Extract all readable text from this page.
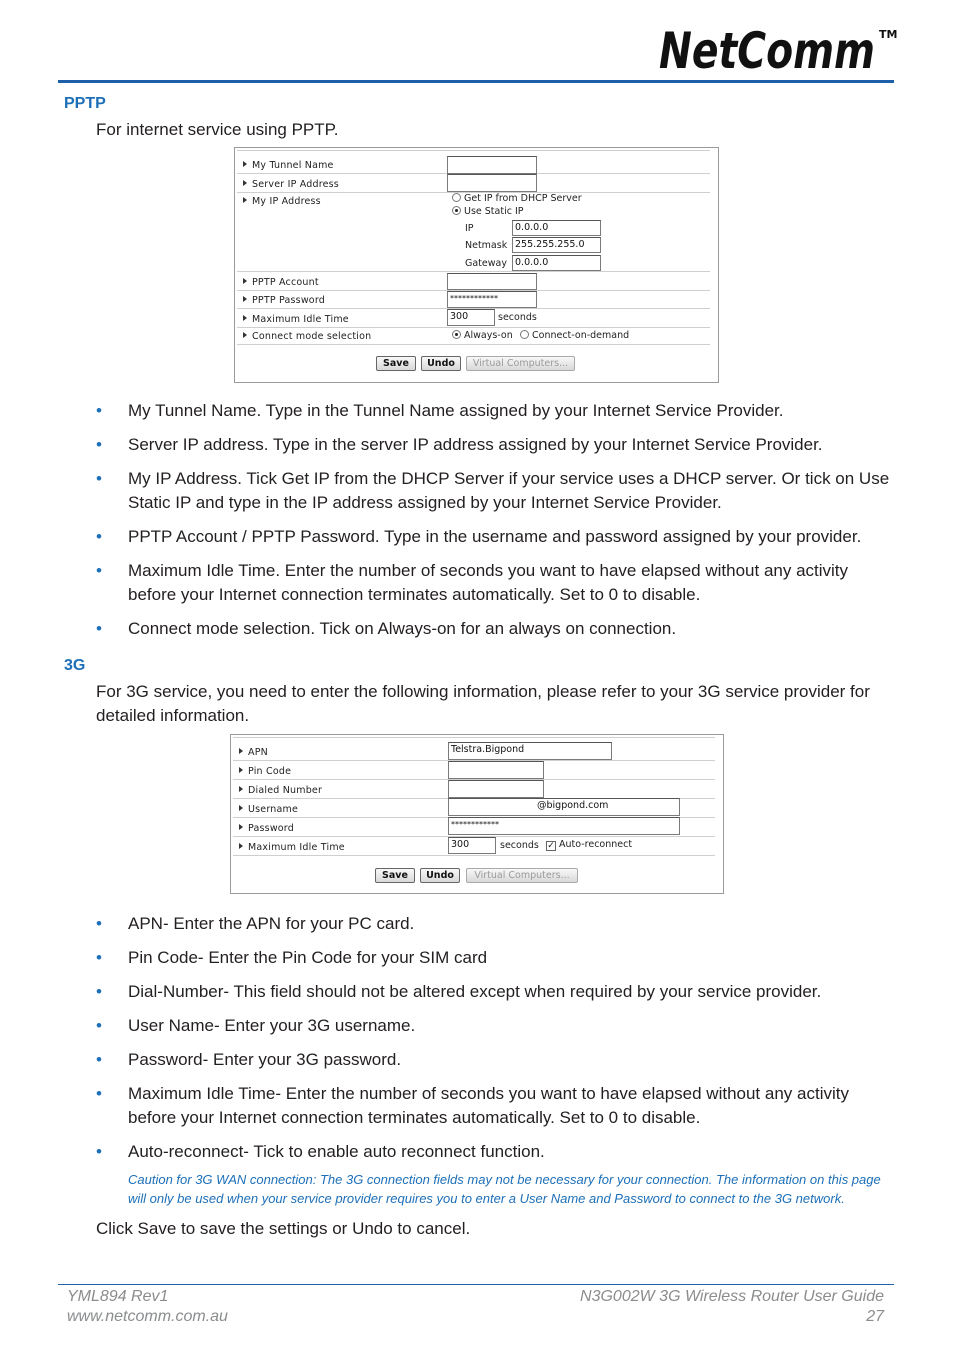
NetComm TM
PPTP
For internet service using PPTP.
My Tunnel Name
Server IP Address
My IP Address	Get IP from DHCP Server
Use Static IP
IP	0.0.0.0
Netmask 255.255.255.0
Gateway 0.0.0.0
PPTP Account
PPTP Password	************
Maximum Idle Time	300	seconds
Connect mode selection	Always-on	Connect-on-demand
Save	Undo	Virtual Computers...
• My Tunnel Name. Type in the Tunnel Name assigned by your Internet Service Provider.
• Server IP address. Type in the server IP address assigned by your Internet Service Provider.
• My IP Address. Tick Get IP from the DHCP Server if your service uses a DHCP server. Or tick on Use Static IP and type in the IP address assigned by your Internet Service Provider.
• PPTP Account / PPTP Password. Type in the username and password assigned by your provider.
• Maximum Idle Time. Enter the number of seconds you want to have elapsed without any activity before your Internet connection terminates automatically. Set to 0 to disable.
• Connect mode selection. Tick on Always-on for an always on connection.
3G
For 3G service, you need to enter the following information, please refer to your 3G service provider for detailed information.
APN	Telstra.Bigpond
Pin Code
Dialed Number
Username	@bigpond.com
Password	************
Maximum Idle Time	300	seconds ✓ Auto-reconnect
Save	Undo	Virtual Computers...
• APN- Enter the APN for your PC card.
• Pin Code- Enter the Pin Code for your SIM card
• Dial-Number- This field should not be altered except when required by your service provider.
• User Name- Enter your 3G username.
• Password- Enter your 3G password.
• Maximum Idle Time- Enter the number of seconds you want to have elapsed without any activity before your Internet connection terminates automatically. Set to 0 to disable.
• Auto-reconnect- Tick to enable auto reconnect function.
Caution for 3G WAN connection: The 3G connection fields may not be necessary for your connection. The information on this page will only be used when your service provider requires you to enter a User Name and Password to connect to the 3G network.
Click Save to save the settings or Undo to cancel.
YML894 Rev1
www.netcomm.com.au
N3G002W 3G Wireless Router User Guide
27
